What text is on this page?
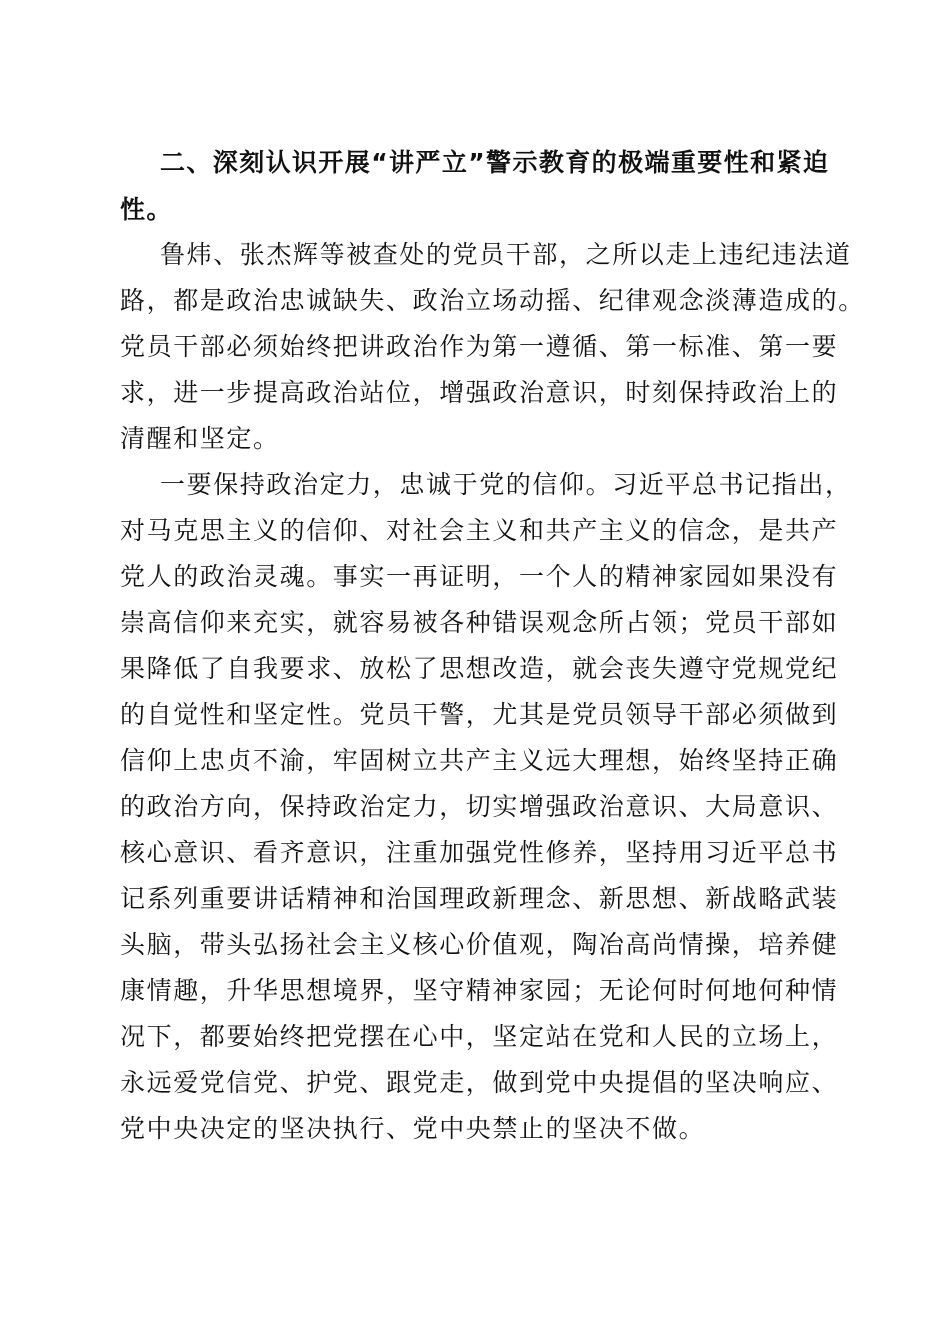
二、深刻认识开展“讲严立”警示教育的极端重要性和紧迫
性。
鲁炜、张杰辉等被查处的党员干部，之所以走上违纪违法道
路，都是政治忠诚缺失、政治立场动摇、纪律观念淡薄造成的。
党员干部必须始终把讲政治作为第一遵循、第一标准、第一要
求，进一步提高政治站位，增强政治意识，时刻保持政治上的
清醒和坚定。
一要保持政治定力，忠诚于党的信仰。习近平总书记指出，
对马克思主义的信仰、对社会主义和共产主义的信念，是共产
党人的政治灵魂。事实一再证明，一个人的精神家园如果没有
崇高信仰来充实，就容易被各种错误观念所占领；党员干部如
果降低了自我要求、放松了思想改造，就会丧失遵守党规党纪
的自觉性和坚定性。党员干警，尤其是党员领导干部必须做到
信仰上忠贞不渝，牢固树立共产主义远大理想，始终坚持正确
的政治方向，保持政治定力，切实增强政治意识、大局意识、
核心意识、看齐意识，注重加强党性修养，坚持用习近平总书
记系列重要讲话精神和治国理政新理念、新思想、新战略武装
头脑，带头弘扬社会主义核心价值观，陶冶高尚情操，培养健
康情趣，升华思想境界，坚守精神家园；无论何时何地何种情
况下，都要始终把党摆在心中，坚定站在党和人民的立场上，
永远爱党信党、护党、跟党走，做到党中央提倡的坚决响应、
党中央决定的坚决执行、党中央禁止的坚决不做。
